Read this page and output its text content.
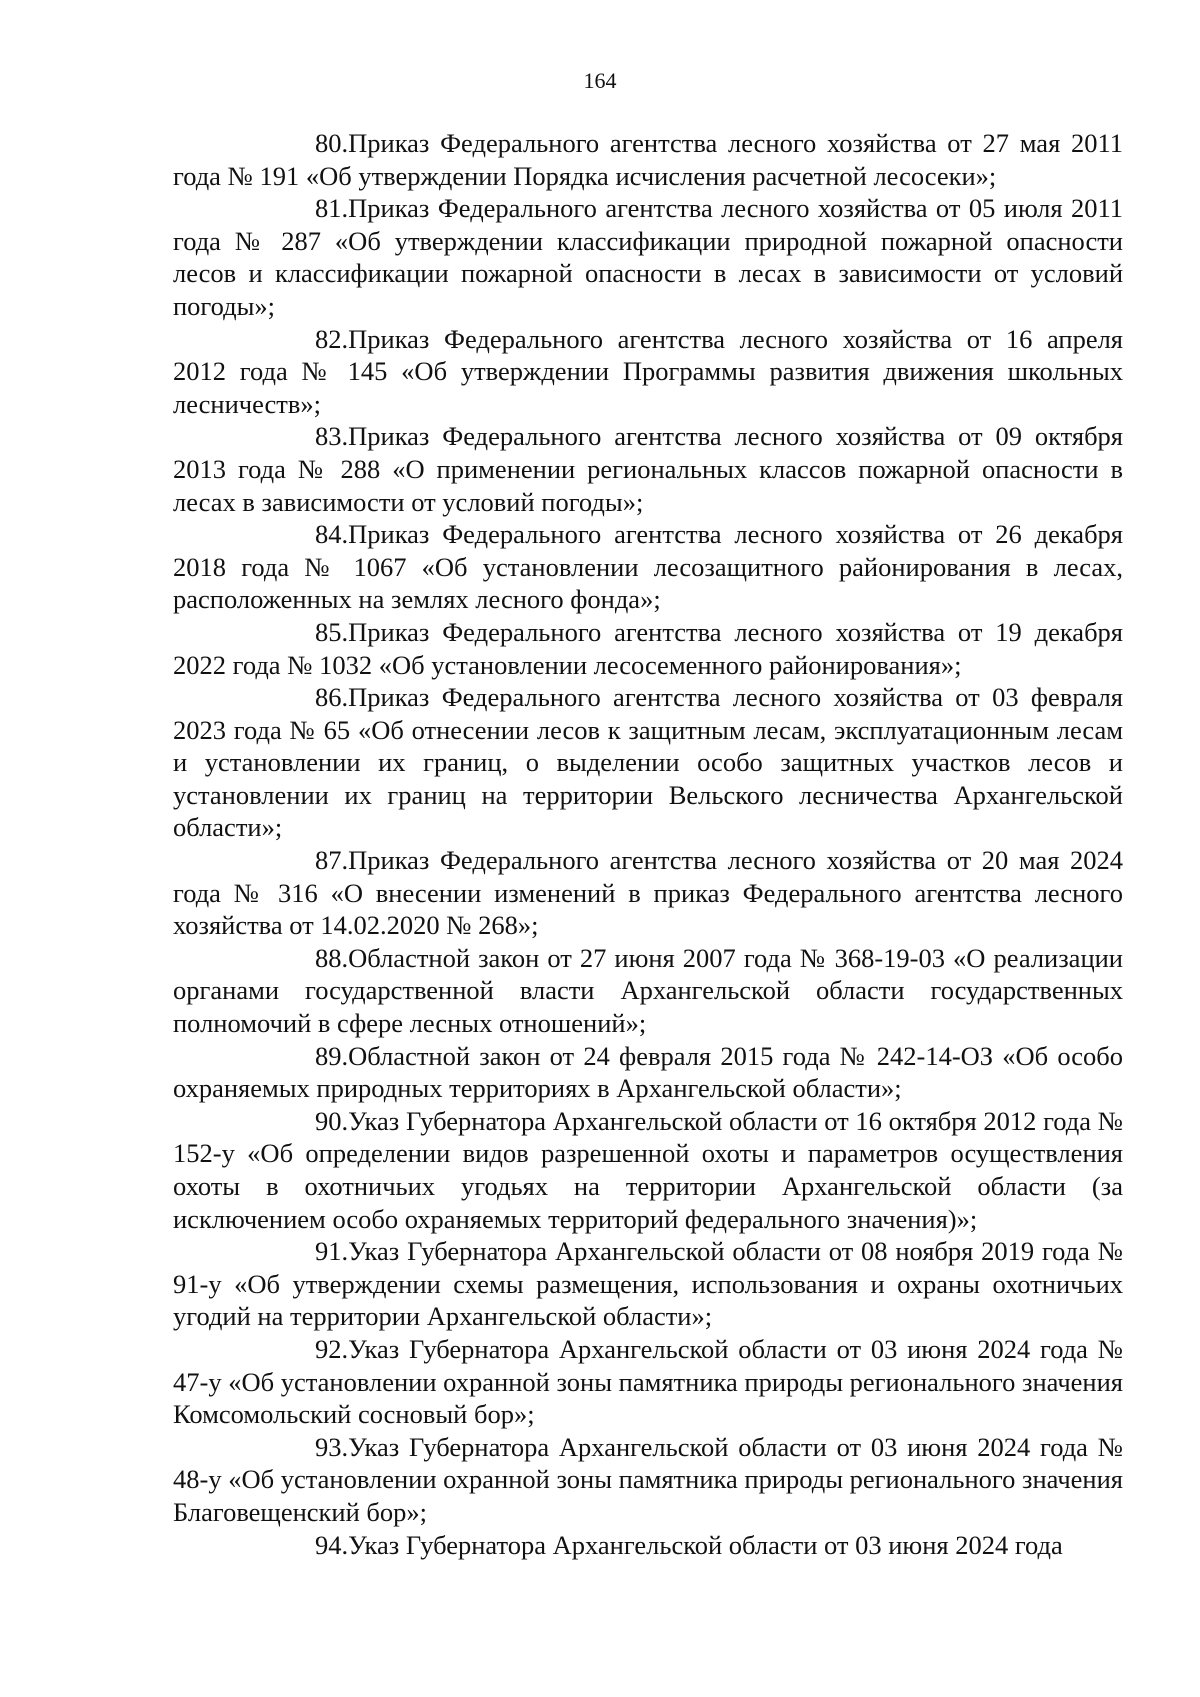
164

80.Приказ Федерального агентства лесного хозяйства от 27 мая 2011 года № 191 «Об утверждении Порядка исчисления расчетной лесосеки»;

81.Приказ Федерального агентства лесного хозяйства от 05 июля 2011 года № 287 «Об утверждении классификации природной пожарной опасности лесов и классификации пожарной опасности в лесах в зависимости от условий погоды»;

82.Приказ Федерального агентства лесного хозяйства от 16 апреля 2012 года № 145 «Об утверждении Программы развития движения школьных лесничеств»;

83.Приказ Федерального агентства лесного хозяйства от 09 октября 2013 года № 288 «О применении региональных классов пожарной опасности в лесах в зависимости от условий погоды»;

84.Приказ Федерального агентства лесного хозяйства от 26 декабря 2018 года № 1067 «Об установлении лесозащитного районирования в лесах, расположенных на землях лесного фонда»;

85.Приказ Федерального агентства лесного хозяйства от 19 декабря 2022 года № 1032 «Об установлении лесосеменного районирования»;

86.Приказ Федерального агентства лесного хозяйства от 03 февраля 2023 года № 65 «Об отнесении лесов к защитным лесам, эксплуатационным лесам и установлении их границ, о выделении особо защитных участков лесов и установлении их границ на территории Вельского лесничества Архангельской области»;

87.Приказ Федерального агентства лесного хозяйства от 20 мая 2024 года № 316 «О внесении изменений в приказ Федерального агентства лесного хозяйства от 14.02.2020 № 268»;

88.Областной закон от 27 июня 2007 года № 368-19-03 «О реализации органами государственной власти Архангельской области государственных полномочий в сфере лесных отношений»;

89.Областной закон от 24 февраля 2015 года № 242-14-ОЗ «Об особо охраняемых природных территориях в Архангельской области»;

90.Указ Губернатора Архангельской области от 16 октября 2012 года № 152-у «Об определении видов разрешенной охоты и параметров осуществления охоты в охотничьих угодьях на территории Архангельской области (за исключением особо охраняемых территорий федерального значения)»;

91.Указ Губернатора Архангельской области от 08 ноября 2019 года № 91-у «Об утверждении схемы размещения, использования и охраны охотничьих угодий на территории Архангельской области»;

92.Указ Губернатора Архангельской области от 03 июня 2024 года № 47-у «Об установлении охранной зоны памятника природы регионального значения Комсомольский сосновый бор»;

93.Указ Губернатора Архангельской области от 03 июня 2024 года № 48-у «Об установлении охранной зоны памятника природы регионального значения Благовещенский бор»;

94.Указ Губернатора Архангельской области от 03 июня 2024 года
